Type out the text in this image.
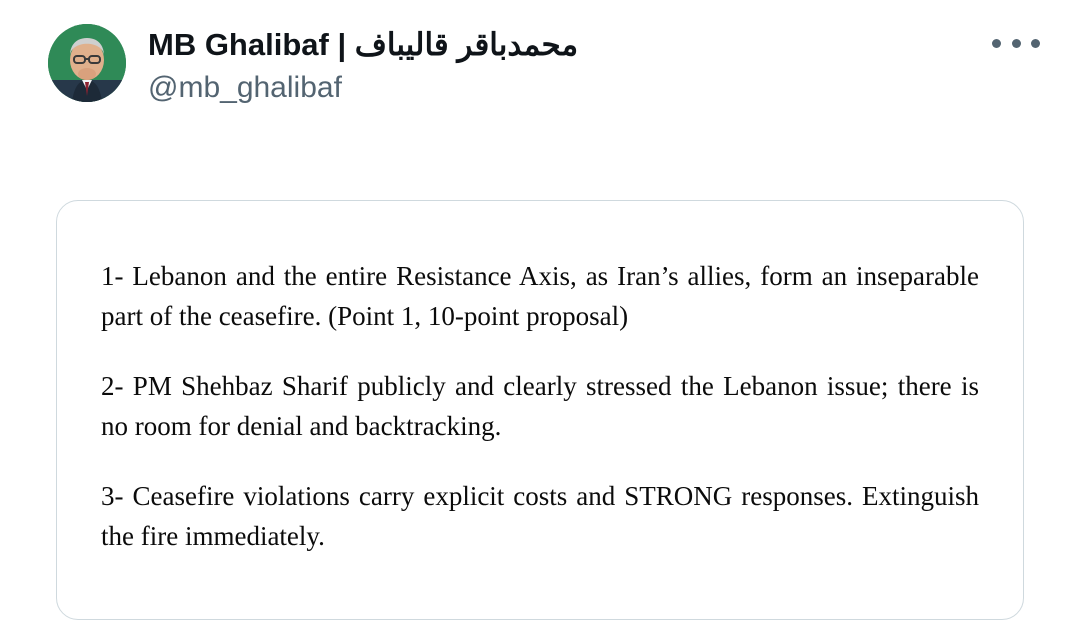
محمدباقر قالیباف | MB Ghalibaf
@mb_ghalibaf

1- Lebanon and the entire Resistance Axis, as Iran’s allies, form an inseparable part of the ceasefire. (Point 1, 10-point proposal)

2- PM Shehbaz Sharif publicly and clearly stressed the Lebanon issue; there is no room for denial and backtracking.

3- Ceasefire violations carry explicit costs and STRONG responses. Extinguish the fire immediately.
